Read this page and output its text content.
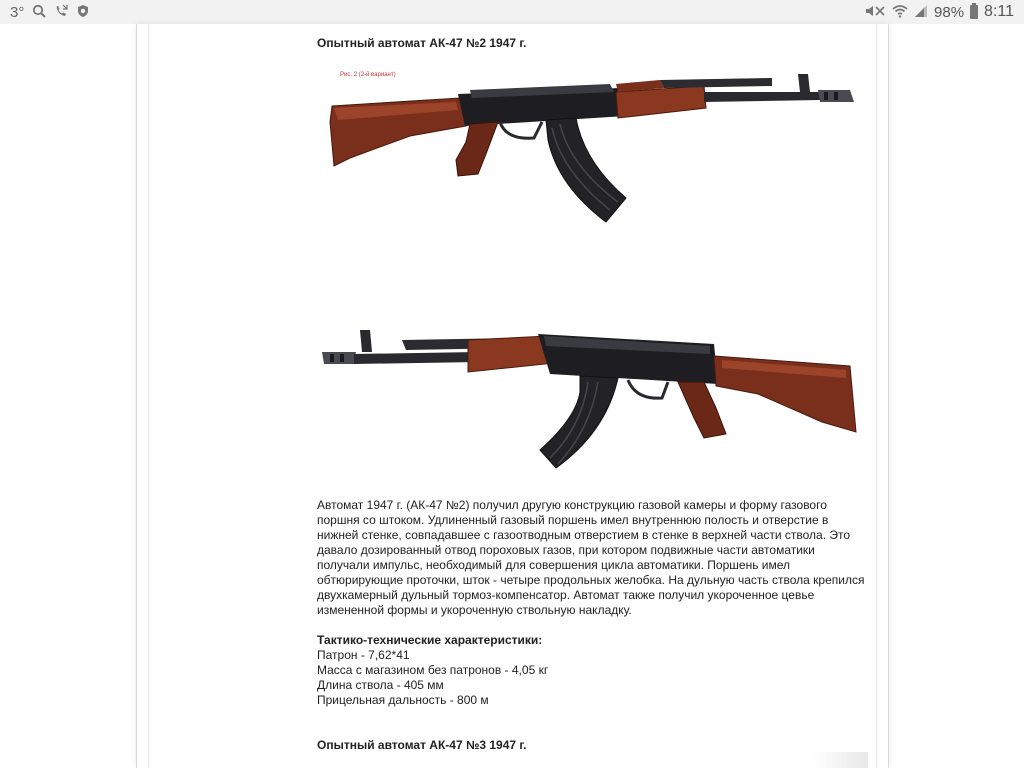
3°	98% 8:11
Опытный автомат АК-47 №2 1947 г.
Рис. 2 (2-й вариант)

Автомат 1947 г. (АК-47 №2) получил другую конструкцию газовой камеры и форму газового поршня со штоком. Удлиненный газовый поршень имел внутреннюю полость и отверстие в нижней стенке, совпадавшее с газоотводным отверстием в стенке в верхней части ствола. Это давало дозированный отвод пороховых газов, при котором подвижные части автоматики получали импульс, необходимый для совершения цикла автоматики. Поршень имел обтюрирующие проточки, шток - четыре продольных желобка. На дульную часть ствола крепился двухкамерный дульный тормоз-компенсатор. Автомат также получил укороченное цевье измененной формы и укороченную ствольную накладку.

Тактико-технические характеристики:
Патрон - 7,62*41
Масса с магазином без патронов - 4,05 кг
Длина ствола - 405 мм
Прицельная дальность - 800 м
Опытный автомат АК-47 №3 1947 г.
